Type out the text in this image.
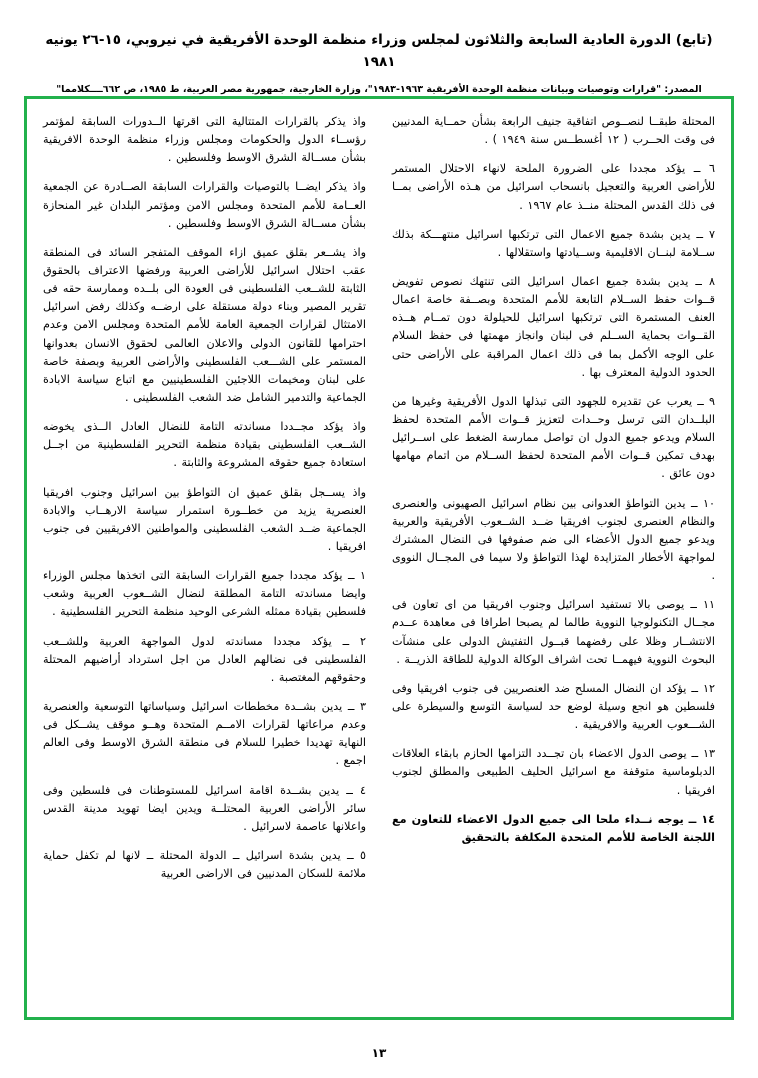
(تابع) الدورة العادية السابعة والثلاثون لمجلس وزراء منظمة الوحدة الأفريقية في نيروبي، ١٥-٢٦ يونيه ١٩٨١
المصدر: "قرارات وتوصيات وبيانات منظمة الوحدة الأفريقية ١٩٦٣-١٩٨٣"، وزارة الخارجية، جمهورية مصر العربية، ط ١٩٨٥، ص ٦٦٢ــــكلامما"

المحتلة طبقــا لنصــوص اتفاقية جنيف الرابعة بشأن حمــاية المدنيين فى وقت الحــرب ( ١٢ أغسطــس سنة ١٩٤٩ ) .

٦ ــ يؤكد مجددا على الضرورة الملحة لانهاء الاحتلال المستمر للأراضى العربية والتعجيل بانسحاب اسرائيل من هـذه الأراضى بمــا فى ذلك القدس المحتلة منــذ عام ١٩٦٧ .

٧ ــ يدين بشدة جميع الاعمال التى ترتكبها اسرائيل منتهـــكة بذلك ســلامة لبنــان الاقليمية وســيادتها واستقلالها .

٨ ــ يدين بشدة جميع اعمال اسرائيل التى تنتهك نصوص تفويض قــوات حفظ الســلام التابعة للأمم المتحدة وبصــفة خاصة اعمال العنف المستمرة التى ترتكبها اسرائيل للحيلولة دون تمــام هــذه القــوات بحماية الســلم فى لبنان وانجاز مهمتها فى حفظ السلام على الوجه الأكمل بما فى ذلك اعمال المراقبة على الأراضى حتى الحدود الدولية المعترف بها .

٩ ــ يعرب عن تقديره للجهود التى تبذلها الدول الأفريقية وغيرها من البلــدان التى ترسل وحــدات لتعزيز قــوات الأمم المتحدة لحفظ السلام ويدعو جميع الدول ان تواصل ممارسة الضغط على اســرائيل بهدف تمكين قــوات الأمم المتحدة لحفظ الســلام من اتمام مهامها دون عائق .

١٠ ــ يدين التواطؤ العدوانى بين نظام اسرائيل الصهيونى والعنصرى والنظام العنصرى لجنوب افريقيا ضــد الشــعوب الأفريقية والعربية ويدعو جميع الدول الأعضاء الى ضم صفوفها فى النضال المشترك لمواجهة الأخطار المتزايدة لهذا التواطؤ ولا سيما فى المجــال النووى .

١١ ــ يوصى بالا تستفيد اسرائيل وجنوب افريقيا من اى تعاون فى مجــال التكنولوجيا النووية طالما لم يصبحا اطرافا فى معاهدة عــدم الانتشــار وظلا على رفضهما قبــول التفتيش الدولى على منشآت البحوث النووية فيهمــا تحت اشراف الوكالة الدولية للطاقة الذريــة .

١٢ ــ يؤكد ان النضال المسلح ضد العنصريين فى جنوب افريقيا وفى فلسطين هو انجع وسيلة لوضع حد لسياسة التوسع والسيطرة على الشـــعوب العربية والافريقية .

١٣ ــ يوصى الدول الاعضاء بان تجــدد التزامها الحازم بابقاء العلاقات الدبلوماسية متوقفة مع اسرائيل الحليف الطبيعى والمطلق لجنوب افريقيا .

١٤ ــ يوجه نــداء ملحا الى جميع الدول الاعضاء للتعاون مع اللجنة الخاصة للأمم المتحدة المكلفة بالتحقيق

واذ يذكر بالقرارات المتتالية التى اقرتها الــدورات السابقة لمؤتمر رؤســاء الدول والحكومات ومجلس وزراء منظمة الوحدة الافريقية بشأن مســالة الشرق الاوسط وفلسطين .

واذ يذكر ايضــا بالتوصيات والقرارات السابقة الصــادرة عن الجمعية العــامة للأمم المتحدة ومجلس الامن ومؤتمر البلدان غير المنحازة بشأن مســالة الشرق الاوسط وفلسطين .

واذ يشــعر بقلق عميق ازاء الموقف المتفجر السائد فى المنطقة عقب احتلال اسرائيل للأراضى العربية ورفضها الاعتراف بالحقوق الثابتة للشــعب الفلسطينى فى العودة الى بلــده وممارسة حقه فى تقرير المصير وبناء دولة مستقلة على ارضــه وكذلك رفض اسرائيل الامتثال لقرارات الجمعية العامة للأمم المتحدة ومجلس الامن وعدم احترامها للقانون الدولى والاعلان العالمى لحقوق الانسان بعدوانها المستمر على الشـــعب الفلسطينى والأراضى العربية وبصفة خاصة على لبنان ومخيمات اللاجئين الفلسطينيين مع اتباع سياسة الابادة الجماعية والتدمير الشامل ضد الشعب الفلسطينى .

واذ يؤكد مجــددا مساندته التامة للنضال العادل الــذى يخوضه الشــعب الفلسطينى بقيادة منظمة التحرير الفلسطينية من اجــل استعادة جميع حقوقه المشروعة والثابتة .

واذ يســجل بقلق عميق ان التواطؤ بين اسرائيل وجنوب افريقيا العنصرية يزيد من خطــورة استمرار سياسة الارهــاب والابادة الجماعية ضــد الشعب الفلسطينى والمواطنين الافريقيين فى جنوب افريقيا .

١ ــ يؤكد مجددا جميع القرارات السابقة التى اتخذها مجلس الوزراء وايضا مساندته التامة المطلقة لنضال الشــعوب العربية وشعب فلسطين بقيادة ممثله الشرعى الوحيد منظمة التحرير الفلسطينية .

٢ ــ يؤكد مجددا مساندته لدول المواجهة العربية وللشــعب الفلسطينى فى نضالهم العادل من اجل استرداد أراضيهم المحتلة وحقوقهم المغتصبة .

٣ ــ يدين بشــدة مخططات اسرائيل وسياساتها التوسعية والعنصرية وعدم مراعاتها لقرارات الامــم المتحدة وهــو موقف يشــكل فى النهاية تهديدا خطيرا للسلام فى منطقة الشرق الاوسط وفى العالم اجمع .

٤ ــ يدين بشــدة اقامة اسرائيل للمستوطنات فى فلسطين وفى سائر الأراضى العربية المحتلــة ويدين ايضا تهويد مدينة القدس واعلانها عاصمة لاسرائيل .

٥ ــ يدين بشدة اسرائيل ــ الدولة المحتلة ــ لانها لم تكفل حماية ملائمة للسكان المدنيين فى الاراضى العربية

١٣
